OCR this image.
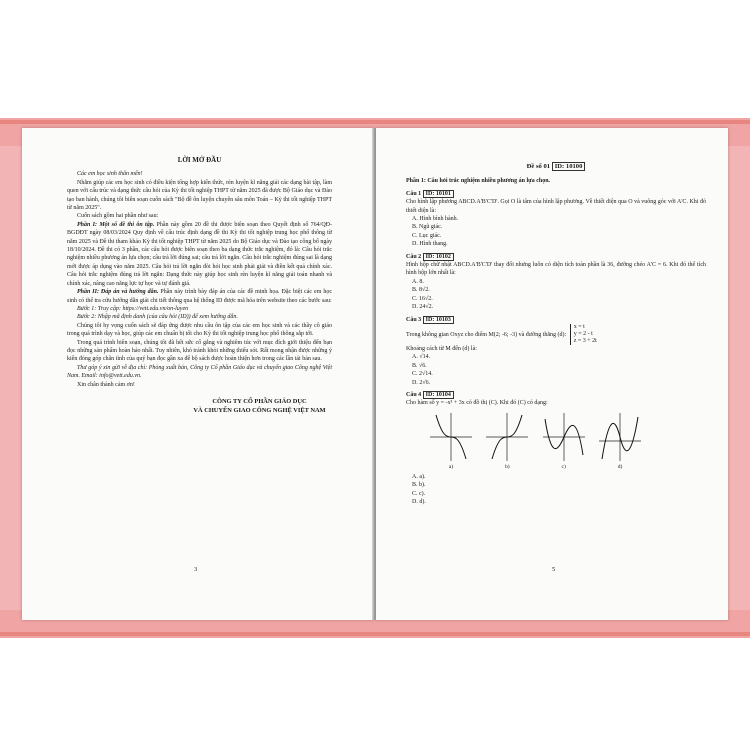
LỜI MỞ ĐẦU

Các em học sinh thân mến!

Nhằm giúp các em học sinh có điều kiện tổng hợp kiến thức, rèn luyện kĩ năng giải các dạng bài tập, làm quen với cấu trúc và dạng thức câu hỏi của Kỳ thi tốt nghiệp THPT từ năm 2025 đã được Bộ Giáo dục và Đào tạo ban hành, chúng tôi biên soạn cuốn sách "Bộ đề ôn luyện chuyên sâu môn Toán – Kỳ thi tốt nghiệp THPT từ năm 2025".

Cuốn sách gồm hai phần như sau:

Phần I: Một số đề thi ôn tập. Phần này gồm 20 đề thi được biên soạn theo Quyết định số 764/QĐ-BGDĐT ngày 08/03/2024 Quy định về cấu trúc định dạng đề thi Kỳ thi tốt nghiệp trung học phổ thông từ năm 2025 và Đề thi tham khảo Kỳ thi tốt nghiệp THPT từ năm 2025 do Bộ Giáo dục và Đào tạo công bố ngày 18/10/2024. Đề thi có 3 phần, các câu hỏi được biên soạn theo ba dạng thức trắc nghiệm, đó là: Câu hỏi trắc nghiệm nhiều phương án lựa chọn; câu trả lời đúng sai; câu trả lời ngắn. Câu hỏi trắc nghiệm đúng sai là dạng mới được áp dụng vào năm 2025. Câu hỏi trả lời ngắn đòi hỏi học sinh phải giải và điền kết quả chính xác. Câu hỏi trắc nghiệm đúng trả lời ngắn: Dạng thức này giúp học sinh rèn luyện kĩ năng giải toán nhanh và chính xác, nâng cao năng lực tự học và tự đánh giá.

Phần II: Đáp án và hướng dẫn. Phần này trình bày đáp án của các đề minh họa. Đặc biệt các em học sinh có thể tra cứu hướng dẫn giải chi tiết thông qua hệ thống ID được mã hóa trên website theo các bước sau:

Bước 1: Truy cập: https://vett.edu.vn/on-luyen

Bước 2: Nhập mã định danh (của câu hỏi (ID)) để xem hướng dẫn.

Chúng tôi hy vọng cuốn sách sẽ đáp ứng được nhu cầu ôn tập của các em học sinh và các thầy cô giáo trong quá trình dạy và học, giúp các em chuẩn bị tốt cho Kỳ thi tốt nghiệp trung học phổ thông sắp tới.

Trong quá trình biên soạn, chúng tôi đã hết sức cố gắng và nghiêm túc với mục đích giới thiệu đến bạn đọc những sản phẩm hoàn hảo nhất. Tuy nhiên, khó tránh khỏi những thiếu sót. Rất mong nhận được những ý kiến đóng góp chân tình của quý bạn đọc gần xa để bộ sách được hoàn thiện hơn trong các lần tái bản sau.

Thư góp ý xin gửi về địa chỉ: Phòng xuất bản, Công ty Cổ phần Giáo dục và chuyển giao Công nghệ Việt Nam. Email: info@vett.edu.vn.

Xin chân thành cảm ơn!

CÔNG TY CỔ PHẦN GIÁO DỤC
VÀ CHUYỂN GIAO CÔNG NGHỆ VIỆT NAM
3
Đề số 01 ID: 10100

Phần 1: Câu hỏi trắc nghiệm nhiều phương án lựa chọn.

Câu 1 ID: 10101

Cho hình lập phương ABCD.A'B'C'D'. Gọi O là tâm của hình lập phương. Về thiết diện qua O và vuông góc với A'C. Khi đó thiết diện là:

A. Hình bình hành.
B. Ngũ giác.
C. Lục giác.
D. Hình thang.
Câu 2 ID: 10102

Hình hộp chữ nhật ABCD.A'B'C'D' thay đổi nhưng luôn có diện tích toàn phần là 36, đường chéo A'C = 6. Khi đó thể tích hình hộp lớn nhất là:

A. 8.
B. 8√2.
C. 16√2.
D. 24√2.
Câu 3 ID: 10103

Trong không gian Oxyz cho điểm M(2; -6; -3) và đường thẳng (d): x = t
y = 2 - t
z = 3 + 2t

Khoảng cách từ M đến (d) là:

A. √14.
B. √6.
C. 2√14.
D. 2√6.
Câu 4 ID: 10104

Cho hàm số y = -x³ + 3x có đồ thị (C). Khi đó (C) có dạng:

a)	b)	c)	d)
A. a).
B. b).
C. c).
D. d).
5
